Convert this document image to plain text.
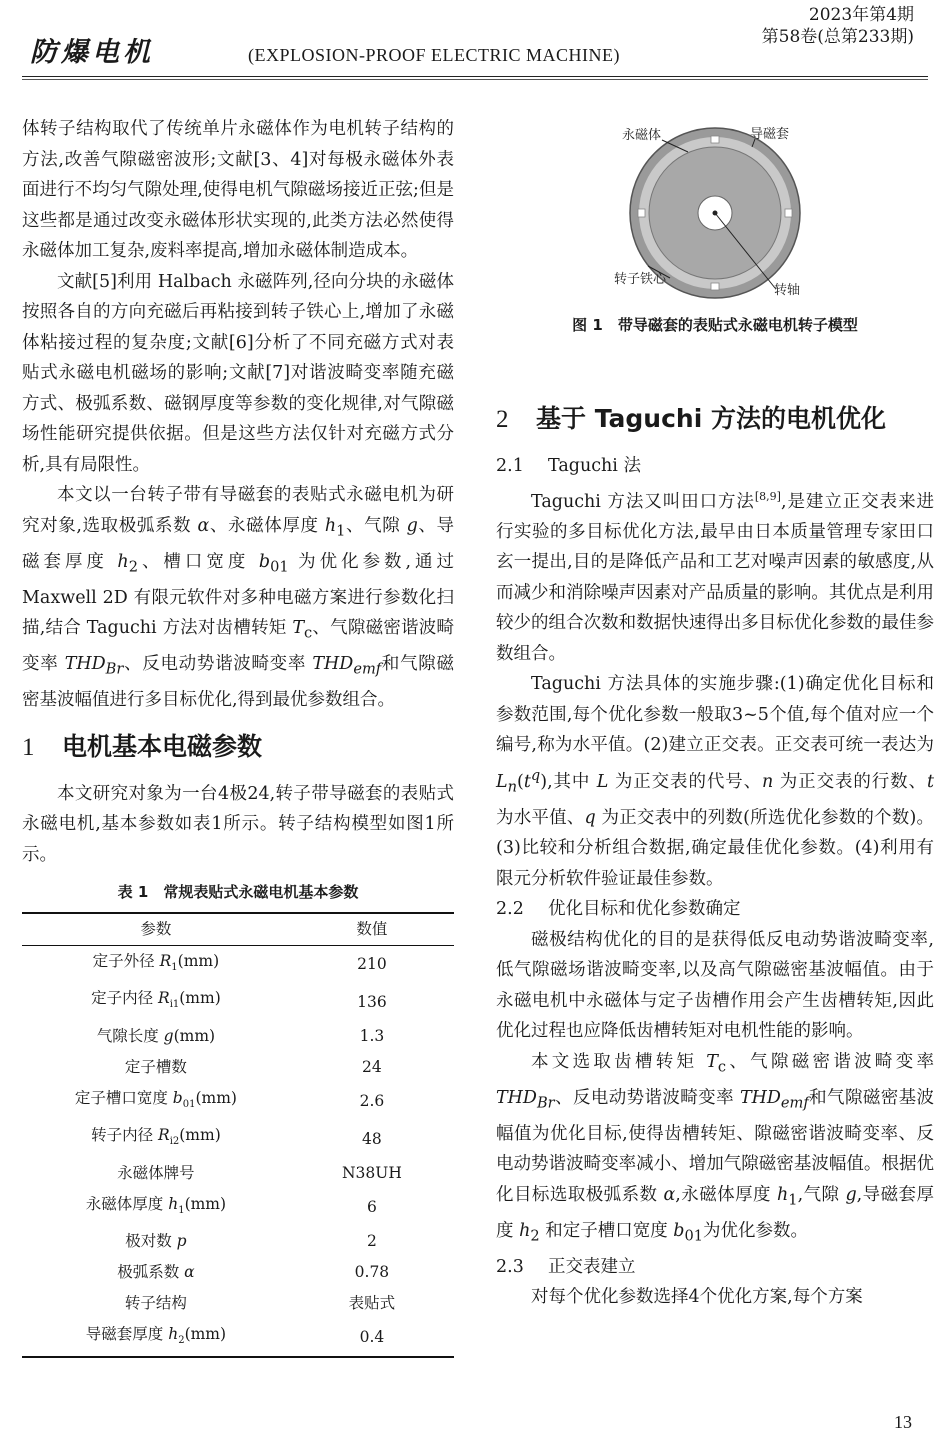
防爆电机	(EXPLOSION-PROOF ELECTRIC MACHINE)
2023年第4期
第58卷(总第233期)

体转子结构取代了传统单片永磁体作为电机转子结构的方法,改善气隙磁密波形;文献[3、4]对每极永磁体外表面进行不均匀气隙处理,使得电机气隙磁场接近正弦;但是这些都是通过改变永磁体形状实现的,此类方法必然使得永磁体加工复杂,废料率提高,增加永磁体制造成本。

文献[5]利用 Halbach 永磁阵列,径向分块的永磁体按照各自的方向充磁后再粘接到转子铁心上,增加了永磁体粘接过程的复杂度;文献[6]分析了不同充磁方式对表贴式永磁电机磁场的影响;文献[7]对谐波畸变率随充磁方式、极弧系数、磁钢厚度等参数的变化规律,对气隙磁场性能研究提供依据。但是这些方法仅针对充磁方式分析,具有局限性。

本文以一台转子带有导磁套的表贴式永磁电机为研究对象,选取极弧系数 α、永磁体厚度 $h_1$、气隙 g、导磁套厚度 $h_2$、槽口宽度 $b_{01}$ 为优化参数,通过 Maxwell 2D 有限元软件对多种电磁方案进行参数化扫描,结合 Taguchi 方法对齿槽转矩 $T_c$、气隙磁密谐波畸变率 $THD_{Br}$、反电动势谐波畸变率 $THD_{emf}$和气隙磁密基波幅值进行多目标优化,得到最优参数组合。

1 电机基本电磁参数

本文研究对象为一台4极24,转子带导磁套的表贴式永磁电机,基本参数如表1所示。转子结构模型如图1所示。

表 1　常规表贴式永磁电机基本参数
参数	数值
定子外径 $R_1(mm)$	210
定子内径 $R_{i1}(mm)$	136
气隙长度 g(mm)	1.3
定子槽数	24
定子槽口宽度 $b_{01}(mm)$	2.6
转子内径 $R_{i2}(mm)$	48
永磁体牌号	N38UH
永磁体厚度 $h_1(mm)$	6
极对数 p	2
极弧系数 α	0.78
转子结构	表贴式
导磁套厚度 $h_2(mm)$	0.4
永磁体	导磁套
转子铁心
转轴
图 1　带导磁套的表贴式永磁电机转子模型
2 基于 Taguchi 方法的电机优化
2.1 Taguchi 法

Taguchi 方法又叫田口方法[8,9],是建立正交表来进行实验的多目标优化方法,最早由日本质量管理专家田口玄一提出,目的是降低产品和工艺对噪声因素的敏感度,从而减少和消除噪声因素对产品质量的影响。其优点是利用较少的组合次数和数据快速得出多目标优化参数的最佳参数组合。

Taguchi 方法具体的实施步骤:(1)确定优化目标和参数范围,每个优化参数一般取3~5个值,每个值对应一个编号,称为水平值。(2)建立正交表。正交表可统一表达为$L_n(t^q)$,其中 L 为正交表的代号、n 为正交表的行数、t 为水平值、q 为正交表中的列数(所选优化参数的个数)。(3)比较和分析组合数据,确定最佳优化参数。(4)利用有限元分析软件验证最佳参数。

2.2 优化目标和优化参数确定

磁极结构优化的目的是获得低反电动势谐波畸变率,低气隙磁场谐波畸变率,以及高气隙磁密基波幅值。由于永磁电机中永磁体与定子齿槽作用会产生齿槽转矩,因此优化过程也应降低齿槽转矩对电机性能的影响。

本文选取齿槽转矩 $T_c$、气隙磁密谐波畸变率 $THD_{Br}$、反电动势谐波畸变率 $THD_{emf}$和气隙磁密基波幅值为优化目标,使得齿槽转矩、隙磁密谐波畸变率、反电动势谐波畸变率减小、增加气隙磁密基波幅值。根据优化目标选取极弧系数 α,永磁体厚度 $h_1$,气隙 g,导磁套厚度 $h_2$ 和定子槽口宽度 $b_{01}$为优化参数。

2.3 正交表建立

对每个优化参数选择4个优化方案,每个方案

13
